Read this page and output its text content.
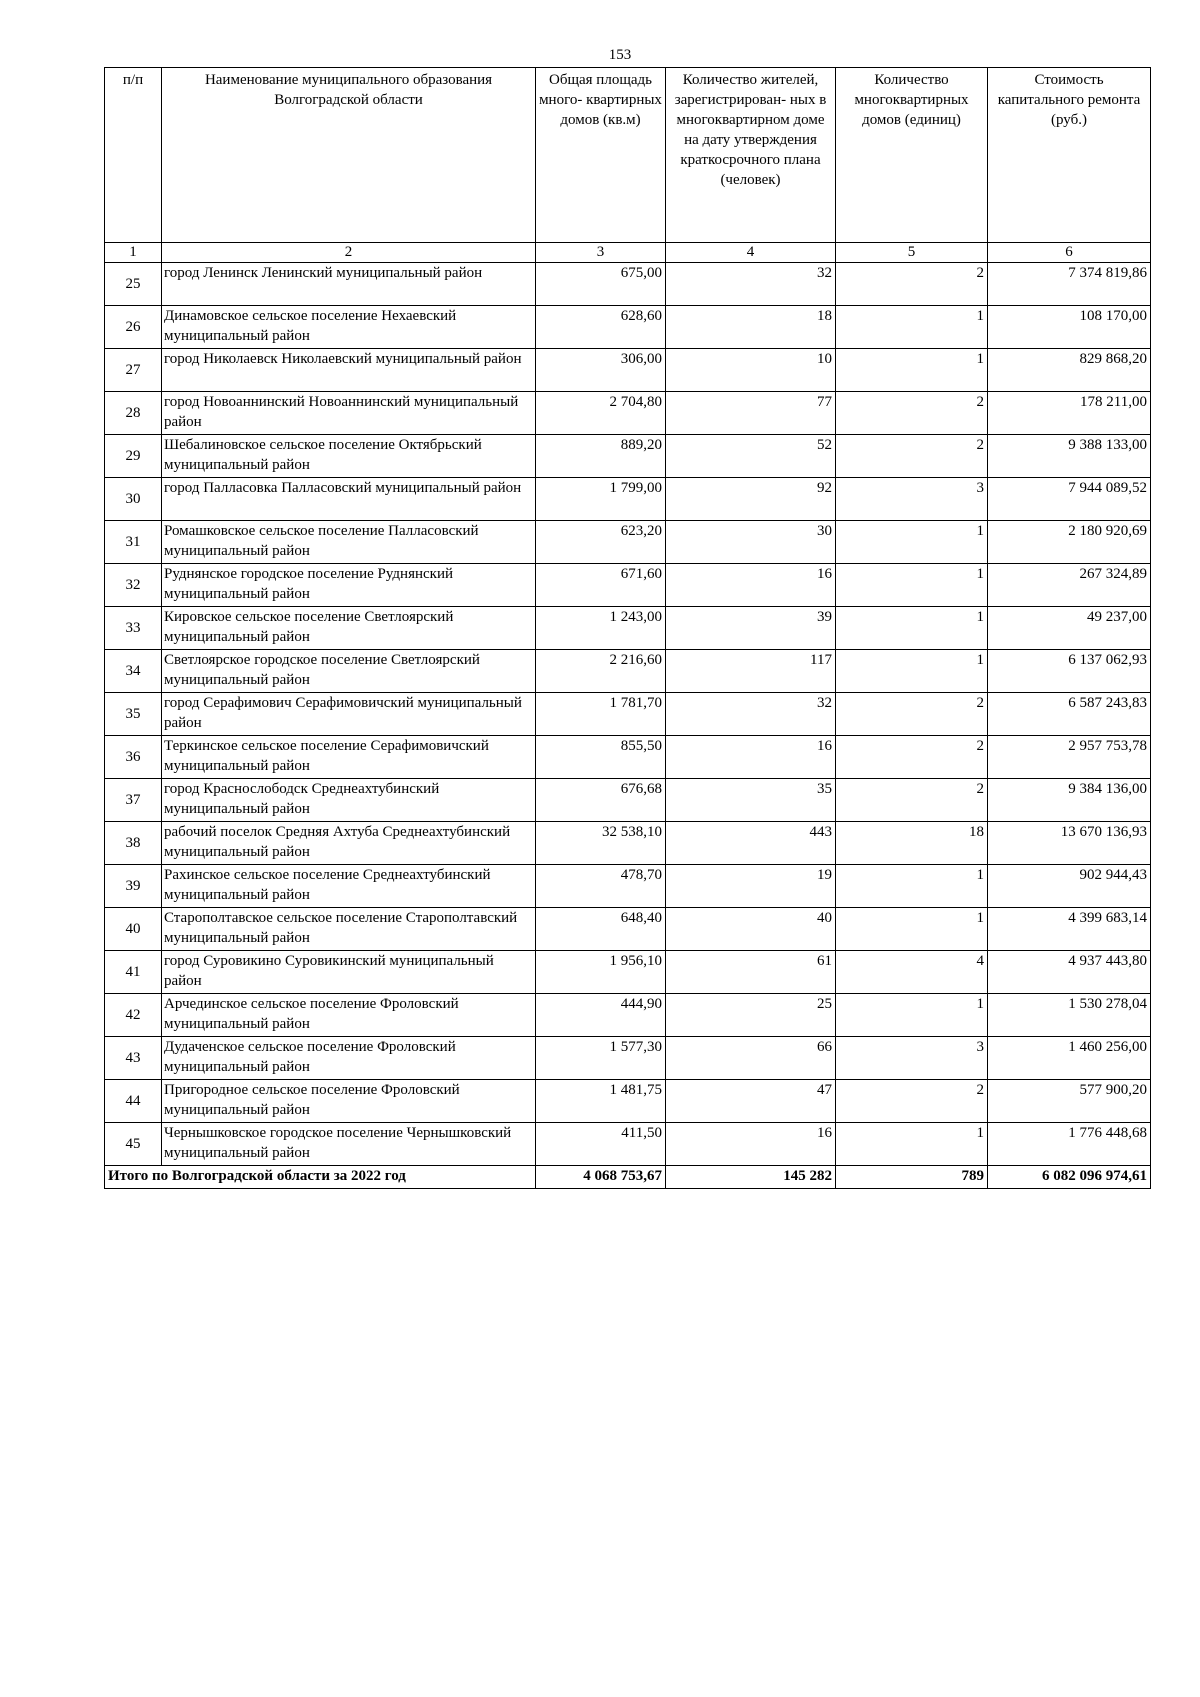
153
п/п	Наименование муниципального образования Волгоградской области	Общая площадь много- квартирных домов (кв.м)	Количество жителей, зарегистрирован- ных в многоквартирном доме на дату утверждения краткосрочного плана (человек)	Количество многоквартирных домов (единиц)	Стоимость капитального ремонта (руб.)
1	2	3	4	5	6
25	город Ленинск Ленинский муниципальный район	675,00	32	2	7 374 819,86
26	Динамовское сельское поселение Нехаевский муниципальный район	628,60	18	1	108 170,00
27	город Николаевск Николаевский муниципальный район	306,00	10	1	829 868,20
28	город Новоаннинский Новоаннинский муниципальный район	2 704,80	77	2	178 211,00
29	Шебалиновское сельское поселение Октябрьский муниципальный район	889,20	52	2	9 388 133,00
30	город Палласовка Палласовский муниципальный район	1 799,00	92	3	7 944 089,52
31	Ромашковское сельское поселение Палласовский муниципальный район	623,20	30	1	2 180 920,69
32	Руднянское городское поселение Руднянский муниципальный район	671,60	16	1	267 324,89
33	Кировское сельское поселение Светлоярский муниципальный район	1 243,00	39	1	49 237,00
34	Светлоярское городское поселение Светлоярский муниципальный район	2 216,60	117	1	6 137 062,93
35	город Серафимович Серафимовичский муниципальный район	1 781,70	32	2	6 587 243,83
36	Теркинское сельское поселение Серафимовичский муниципальный район	855,50	16	2	2 957 753,78
37	город Краснослободск Среднеахтубинский муниципальный район	676,68	35	2	9 384 136,00
38	рабочий поселок Средняя Ахтуба Среднеахтубинский муниципальный район	32 538,10	443	18	13 670 136,93
39	Рахинское сельское поселение Среднеахтубинский муниципальный район	478,70	19	1	902 944,43
40	Старополтавское сельское поселение Старополтавский муниципальный район	648,40	40	1	4 399 683,14
41	город Суровикино Суровикинский муниципальный район	1 956,10	61	4	4 937 443,80
42	Арчединское сельское поселение Фроловский муниципальный район	444,90	25	1	1 530 278,04
43	Дудаченское сельское поселение Фроловский муниципальный район	1 577,30	66	3	1 460 256,00
44	Пригородное сельское поселение Фроловский муниципальный район	1 481,75	47	2	577 900,20
45	Чернышковское городское поселение Чернышковский муниципальный район	411,50	16	1	1 776 448,68
Итого по Волгоградской области за 2022 год		4 068 753,67	145 282	789	6 082 096 974,61
